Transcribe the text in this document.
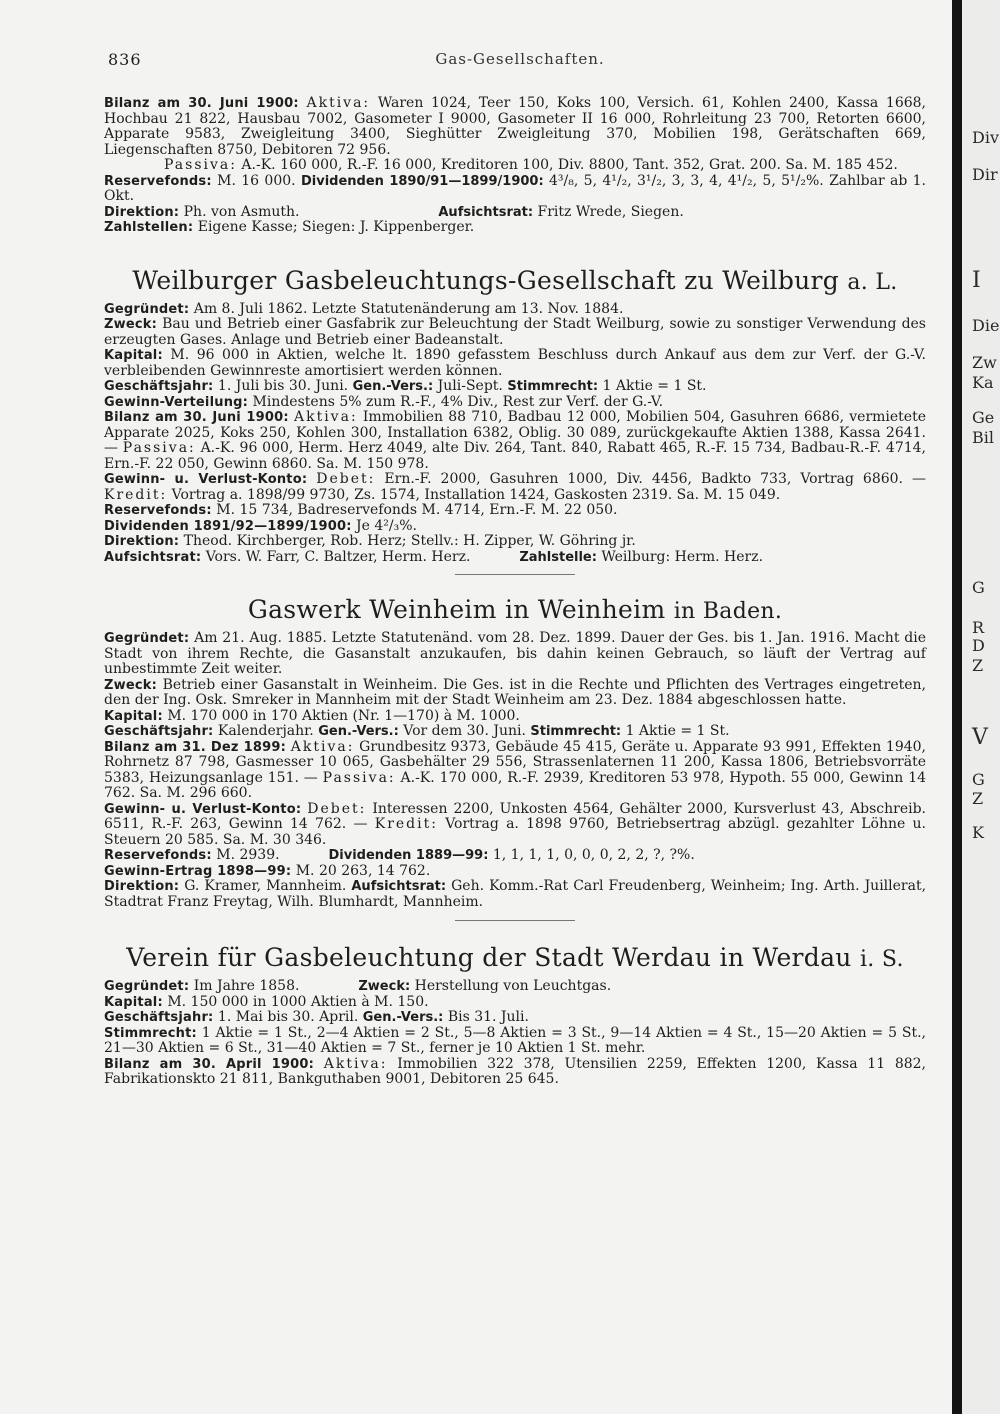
Div
Dir
I
Die
Zw
Ka
Ge
Bil
G
R
D
Z
V
G
Z
K
836	Gas-Gesellschaften.

Bilanz am 30. Juni 1900: Aktiva: Waren 1024, Teer 150, Koks 100, Versich. 61, Kohlen 2400, Kassa 1668, Hochbau 21 822, Hausbau 7002, Gasometer I 9000, Gasometer II 16 000, Rohrleitung 23 700, Retorten 6600, Apparate 9583, Zweigleitung 3400, Sieghütter Zweigleitung 370, Mobilien 198, Gerätschaften 669, Liegenschaften 8750, Debitoren 72 956.

Passiva: A.-K. 160 000, R.-F. 16 000, Kreditoren 100, Div. 8800, Tant. 352, Grat. 200. Sa. M. 185 452.

Reservefonds: M. 16 000. Dividenden 1890/91—1899/1900: 4³/₈, 5, 4¹/₂, 3¹/₂, 3, 3, 4, 4¹/₂, 5, 5¹/₂%. Zahlbar ab 1. Okt.

Direktion: Ph. von Asmuth.	Aufsichtsrat: Fritz Wrede, Siegen.

Zahlstellen: Eigene Kasse; Siegen: J. Kippenberger.

Weilburger Gasbeleuchtungs-Gesellschaft zu Weilburg a. L.

Gegründet: Am 8. Juli 1862. Letzte Statutenänderung am 13. Nov. 1884.

Zweck: Bau und Betrieb einer Gasfabrik zur Beleuchtung der Stadt Weilburg, sowie zu sonstiger Verwendung des erzeugten Gases. Anlage und Betrieb einer Badeanstalt.

Kapital: M. 96 000 in Aktien, welche lt. 1890 gefasstem Beschluss durch Ankauf aus dem zur Verf. der G.-V. verbleibenden Gewinnreste amortisiert werden können.

Geschäftsjahr: 1. Juli bis 30. Juni. Gen.-Vers.: Juli-Sept. Stimmrecht: 1 Aktie = 1 St.

Gewinn-Verteilung: Mindestens 5% zum R.-F., 4% Div., Rest zur Verf. der G.-V.

Bilanz am 30. Juni 1900: Aktiva: Immobilien 88 710, Badbau 12 000, Mobilien 504, Gasuhren 6686, vermietete Apparate 2025, Koks 250, Kohlen 300, Installation 6382, Oblig. 30 089, zurückgekaufte Aktien 1388, Kassa 2641. — Passiva: A.-K. 96 000, Herm. Herz 4049, alte Div. 264, Tant. 840, Rabatt 465, R.-F. 15 734, Badbau-R.-F. 4714, Ern.-F. 22 050, Gewinn 6860. Sa. M. 150 978.

Gewinn- u. Verlust-Konto: Debet: Ern.-F. 2000, Gasuhren 1000, Div. 4456, Badkto 733, Vortrag 6860. — Kredit: Vortrag a. 1898/99 9730, Zs. 1574, Installation 1424, Gaskosten 2319. Sa. M. 15 049.

Reservefonds: M. 15 734, Badreservefonds M. 4714, Ern.-F. M. 22 050.

Dividenden 1891/92—1899/1900: Je 4²/₃%.

Direktion: Theod. Kirchberger, Rob. Herz; Stellv.: H. Zipper, W. Göhring jr.

Aufsichtsrat: Vors. W. Farr, C. Baltzer, Herm. Herz.	Zahlstelle: Weilburg: Herm. Herz.

Gaswerk Weinheim in Weinheim in Baden.

Gegründet: Am 21. Aug. 1885. Letzte Statutenänd. vom 28. Dez. 1899. Dauer der Ges. bis 1. Jan. 1916. Macht die Stadt von ihrem Rechte, die Gasanstalt anzukaufen, bis dahin keinen Gebrauch, so läuft der Vertrag auf unbestimmte Zeit weiter.

Zweck: Betrieb einer Gasanstalt in Weinheim. Die Ges. ist in die Rechte und Pflichten des Vertrages eingetreten, den der Ing. Osk. Smreker in Mannheim mit der Stadt Weinheim am 23. Dez. 1884 abgeschlossen hatte.

Kapital: M. 170 000 in 170 Aktien (Nr. 1—170) à M. 1000.

Geschäftsjahr: Kalenderjahr. Gen.-Vers.: Vor dem 30. Juni. Stimmrecht: 1 Aktie = 1 St.

Bilanz am 31. Dez 1899: Aktiva: Grundbesitz 9373, Gebäude 45 415, Geräte u. Apparate 93 991, Effekten 1940, Rohrnetz 87 798, Gasmesser 10 065, Gasbehälter 29 556, Strassenlaternen 11 200, Kassa 1806, Betriebsvorräte 5383, Heizungsanlage 151. — Passiva: A.-K. 170 000, R.-F. 2939, Kreditoren 53 978, Hypoth. 55 000, Gewinn 14 762. Sa. M. 296 660.

Gewinn- u. Verlust-Konto: Debet: Interessen 2200, Unkosten 4564, Gehälter 2000, Kursverlust 43, Abschreib. 6511, R.-F. 263, Gewinn 14 762. — Kredit: Vortrag a. 1898 9760, Betriebsertrag abzügl. gezahlter Löhne u. Steuern 20 585. Sa. M. 30 346.

Reservefonds: M. 2939.	Dividenden 1889—99: 1, 1, 1, 1, 0, 0, 0, 2, 2, ?, ?%.

Gewinn-Ertrag 1898—99: M. 20 263, 14 762.

Direktion: G. Kramer, Mannheim. Aufsichtsrat: Geh. Komm.-Rat Carl Freudenberg, Weinheim; Ing. Arth. Juillerat, Stadtrat Franz Freytag, Wilh. Blumhardt, Mannheim.

Verein für Gasbeleuchtung der Stadt Werdau in Werdau i. S.

Gegründet: Im Jahre 1858.	Zweck: Herstellung von Leuchtgas.

Kapital: M. 150 000 in 1000 Aktien à M. 150.

Geschäftsjahr: 1. Mai bis 30. April. Gen.-Vers.: Bis 31. Juli.

Stimmrecht: 1 Aktie = 1 St., 2—4 Aktien = 2 St., 5—8 Aktien = 3 St., 9—14 Aktien = 4 St., 15—20 Aktien = 5 St., 21—30 Aktien = 6 St., 31—40 Aktien = 7 St., ferner je 10 Aktien 1 St. mehr.

Bilanz am 30. April 1900: Aktiva: Immobilien 322 378, Utensilien 2259, Effekten 1200, Kassa 11 882, Fabrikationskto 21 811, Bankguthaben 9001, Debitoren 25 645.
